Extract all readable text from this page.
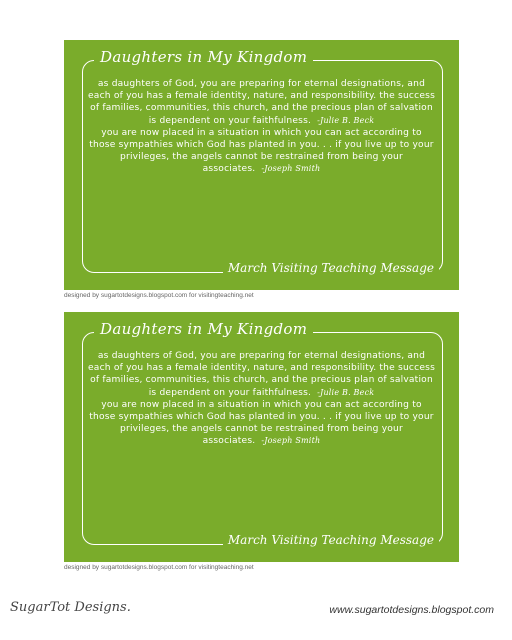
Daughters in My Kingdom

as daughters of God, you are preparing for eternal designations, and each of you has a female identity, nature, and responsibility. the success of families, communities, this church, and the precious plan of salvation is dependent on your faithfulness. -Julie B. Beck

you are now placed in a situation in which you can act according to those sympathies which God has planted in you. . . if you live up to your privileges, the angels cannot be restrained from being your associates. -Joseph Smith

March Visiting Teaching Message
designed by sugartotdesigns.blogspot.com for visitingteaching.net
Daughters in My Kingdom

as daughters of God, you are preparing for eternal designations, and each of you has a female identity, nature, and responsibility. the success of families, communities, this church, and the precious plan of salvation is dependent on your faithfulness. -Julie B. Beck

you are now placed in a situation in which you can act according to those sympathies which God has planted in you. . . if you live up to your privileges, the angels cannot be restrained from being your associates. -Joseph Smith

March Visiting Teaching Message
designed by sugartotdesigns.blogspot.com for visitingteaching.net
SugarTot Designs.	www.sugartotdesigns.blogspot.com
